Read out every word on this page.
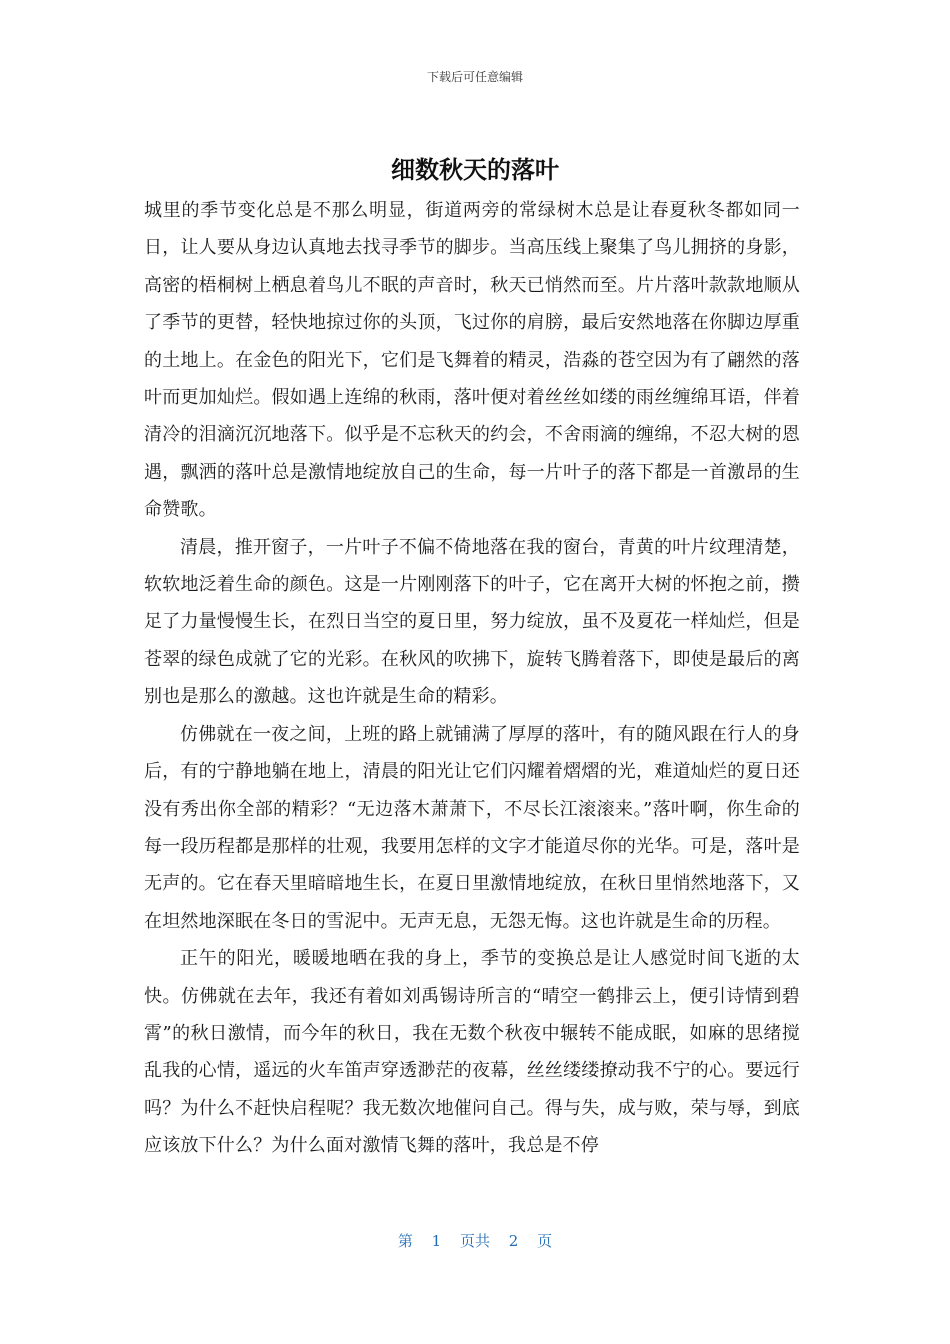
下载后可任意编辑
细数秋天的落叶

城里的季节变化总是不那么明显，街道两旁的常绿树木总是让春夏秋冬都如同一日，让人要从身边认真地去找寻季节的脚步。当高压线上聚集了鸟儿拥挤的身影，高密的梧桐树上栖息着鸟儿不眠的声音时，秋天已悄然而至。片片落叶款款地顺从了季节的更替，轻快地掠过你的头顶，飞过你的肩膀，最后安然地落在你脚边厚重的土地上。在金色的阳光下，它们是飞舞着的精灵，浩淼的苍空因为有了翩然的落叶而更加灿烂。假如遇上连绵的秋雨，落叶便对着丝丝如缕的雨丝缠绵耳语，伴着清冷的泪滴沉沉地落下。似乎是不忘秋天的约会，不舍雨滴的缠绵，不忍大树的恩遇，飘洒的落叶总是激情地绽放自己的生命，每一片叶子的落下都是一首激昂的生命赞歌。

清晨，推开窗子，一片叶子不偏不倚地落在我的窗台，青黄的叶片纹理清楚，软软地泛着生命的颜色。这是一片刚刚落下的叶子，它在离开大树的怀抱之前，攒足了力量慢慢生长，在烈日当空的夏日里，努力绽放，虽不及夏花一样灿烂，但是苍翠的绿色成就了它的光彩。在秋风的吹拂下，旋转飞腾着落下，即使是最后的离别也是那么的激越。这也许就是生命的精彩。

仿佛就在一夜之间，上班的路上就铺满了厚厚的落叶，有的随风跟在行人的身后，有的宁静地躺在地上，清晨的阳光让它们闪耀着熠熠的光，难道灿烂的夏日还没有秀出你全部的精彩？“无边落木萧萧下，不尽长江滚滚来。”落叶啊，你生命的每一段历程都是那样的壮观，我要用怎样的文字才能道尽你的光华。可是，落叶是无声的。它在春天里暗暗地生长，在夏日里激情地绽放，在秋日里悄然地落下，又在坦然地深眠在冬日的雪泥中。无声无息，无怨无悔。这也许就是生命的历程。

正午的阳光，暖暖地晒在我的身上，季节的变换总是让人感觉时间飞逝的太快。仿佛就在去年，我还有着如刘禹锡诗所言的“晴空一鹤排云上，便引诗情到碧霄”的秋日激情，而今年的秋日，我在无数个秋夜中辗转不能成眠，如麻的思绪搅乱我的心情，遥远的火车笛声穿透渺茫的夜幕，丝丝缕缕撩动我不宁的心。要远行吗？为什么不赶快启程呢？我无数次地催问自己。得与失，成与败，荣与辱，到底应该放下什么？为什么面对激情飞舞的落叶，我总是不停

第 1 页共 2 页
